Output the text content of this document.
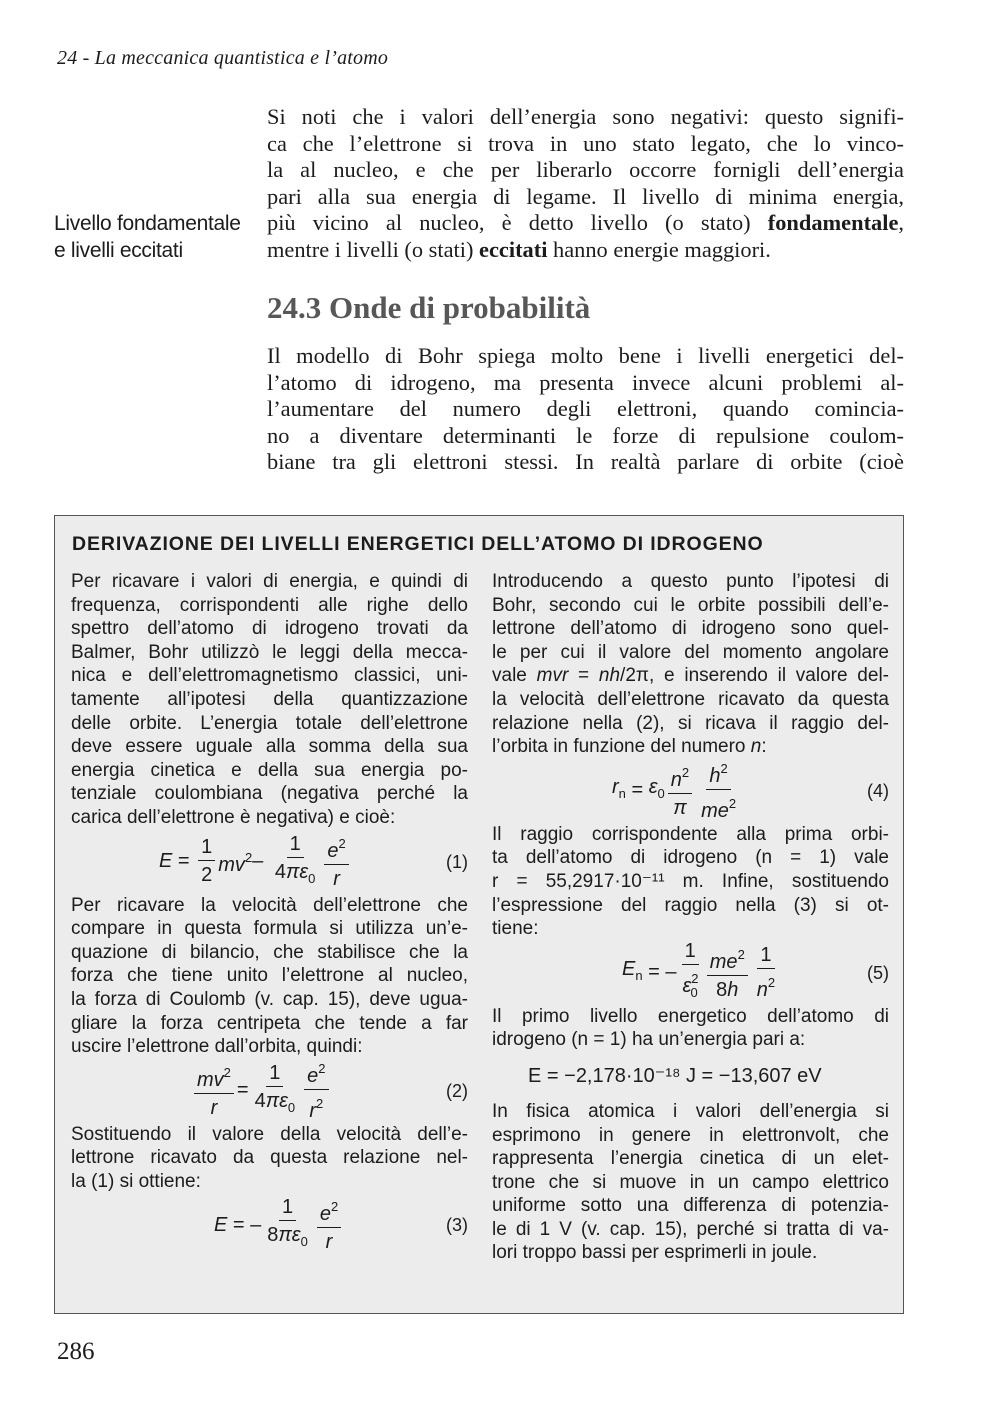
24 - La meccanica quantistica e l’atomo
Livello fondamentale
e livelli eccitati
Si noti che i valori dell’energia sono negativi: questo signifi-
ca che l’elettrone si trova in uno stato legato, che lo vinco-
la al nucleo, e che per liberarlo occorre fornigli dell’energia
pari alla sua energia di legame. Il livello di minima energia,
più vicino al nucleo, è detto livello (o stato) fondamentale,
mentre i livelli (o stati) eccitati hanno energie maggiori.
24.3 Onde di probabilità
Il modello di Bohr spiega molto bene i livelli energetici del-
l’atomo di idrogeno, ma presenta invece alcuni problemi al-
l’aumentare del numero degli elettroni, quando comincia-
no a diventare determinanti le forze di repulsione coulom-
biane tra gli elettroni stessi. In realtà parlare di orbite (cioè
DERIVAZIONE DEI LIVELLI ENERGETICI DELL’ATOMO DI IDROGENO
Per ricavare i valori di energia, e quindi di
frequenza, corrispondenti alle righe dello
spettro dell’atomo di idrogeno trovati da
Balmer, Bohr utilizzò le leggi della mecca-
nica e dell’elettromagnetismo classici, uni-
tamente all’ipotesi della quantizzazione
delle orbite. L’energia totale dell’elettrone
deve essere uguale alla somma della sua
energia cinetica e della sua energia po-
tenziale coulombiana (negativa perché la
carica dell’elettrone è negativa) e cioè:
$E = \frac{1}{2} mv^2 - \frac{1}{4\pi\varepsilon_0} \frac{e^2}{r}$	(1)
Per ricavare la velocità dell’elettrone che
compare in questa formula si utilizza un’e-
quazione di bilancio, che stabilisce che la
forza che tiene unito l’elettrone al nucleo,
la forza di Coulomb (v. cap. 15), deve ugua-
gliare la forza centripeta che tende a far
uscire l’elettrone dall’orbita, quindi:
$\frac{mv^2}{r} = \frac{1}{4\pi\varepsilon_0} \frac{e^2}{r^2}$	(2)
Sostituendo il valore della velocità dell’e-
lettrone ricavato da questa relazione nel-
la (1) si ottiene:
E = – $\frac{1}{8\pi\varepsilon_0} \frac{e^2}{r}$	(3)
Introducendo a questo punto l’ipotesi di
Bohr, secondo cui le orbite possibili dell’e-
lettrone dell’atomo di idrogeno sono quel-
le per cui il valore del momento angolare
vale mvr = nh/2π, e inserendo il valore del-
la velocità dell’elettrone ricavato da questa
relazione nella (2), si ricava il raggio del-
l’orbita in funzione del numero n:
$r_n = \varepsilon_0 \frac{n^2}{\pi} \frac{h^2}{me^2}$	(4)
Il raggio corrispondente alla prima orbi-
ta dell’atomo di idrogeno (n = 1) vale
r = 55,2917·10⁻¹¹ m. Infine, sostituendo
l’espressione del raggio nella (3) si ot-
tiene:
$E_n$ = – $\frac{1}{\varepsilon^2_0} \frac{me^2}{8h} \frac{1}{n^2}$	(5)
Il primo livello energetico dell’atomo di
idrogeno (n = 1) ha un’energia pari a:
E = −2,178·10⁻¹⁸ J = −13,607 eV
In fisica atomica i valori dell’energia si
esprimono in genere in elettronvolt, che
rappresenta l’energia cinetica di un elet-
trone che si muove in un campo elettrico
uniforme sotto una differenza di potenzia-
le di 1 V (v. cap. 15), perché si tratta di va-
lori troppo bassi per esprimerli in joule.
286
